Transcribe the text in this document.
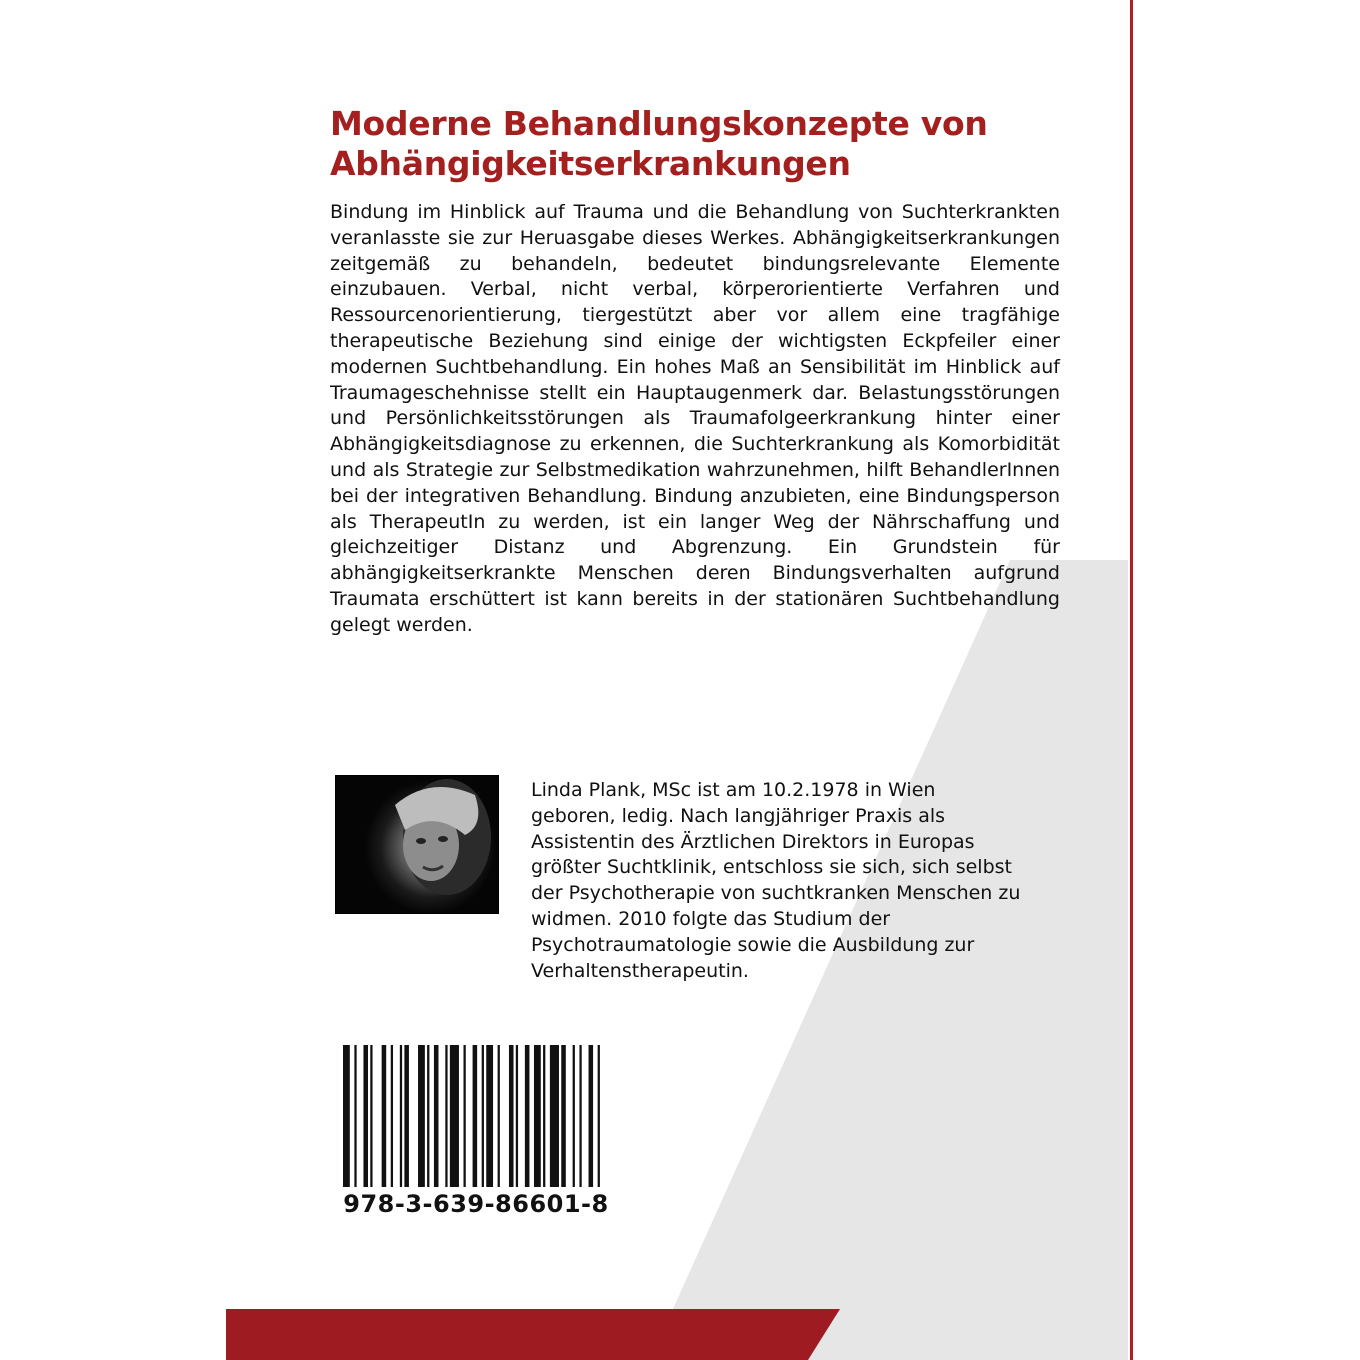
Moderne Behandlungskonzepte von
Abhängigkeitserkrankungen

Bindung im Hinblick auf Trauma und die Behandlung von Suchterkrankten veranlasste sie zur Heruasgabe dieses Werkes. Abhängigkeitserkrankungen zeitgemäß zu behandeln, bedeutet bindungsrelevante Elemente einzubauen. Verbal, nicht verbal, körperorientierte Verfahren und Ressourcenorientierung, tiergestützt aber vor allem eine tragfähige therapeutische Beziehung sind einige der wichtigsten Eckpfeiler einer modernen Suchtbehandlung. Ein hohes Maß an Sensibilität im Hinblick auf Traumageschehnisse stellt ein Hauptaugenmerk dar. Belastungsstörungen und Persönlichkeitsstörungen als Traumafolgeerkrankung hinter einer Abhängigkeitsdiagnose zu erkennen, die Suchterkrankung als Komorbidität und als Strategie zur Selbstmedikation wahrzunehmen, hilft BehandlerInnen bei der integrativen Behandlung. Bindung anzubieten, eine Bindungsperson als TherapeutIn zu werden, ist ein langer Weg der Nährschaffung und gleichzeitiger Distanz und Abgrenzung. Ein Grundstein für abhängigkeitserkrankte Menschen deren Bindungsverhalten aufgrund Traumata erschüttert ist kann bereits in der stationären Suchtbehandlung gelegt werden.

Linda Plank, MSc ist am 10.2.1978 in Wien
geboren, ledig. Nach langjähriger Praxis als
Assistentin des Ärztlichen Direktors in Europas
größter Suchtklinik, entschloss sie sich, sich selbst
der Psychotherapie von suchtkranken Menschen zu
widmen. 2010 folgte das Studium der
Psychotraumatologie sowie die Ausbildung zur
Verhaltenstherapeutin.
978-3-639-86601-8
